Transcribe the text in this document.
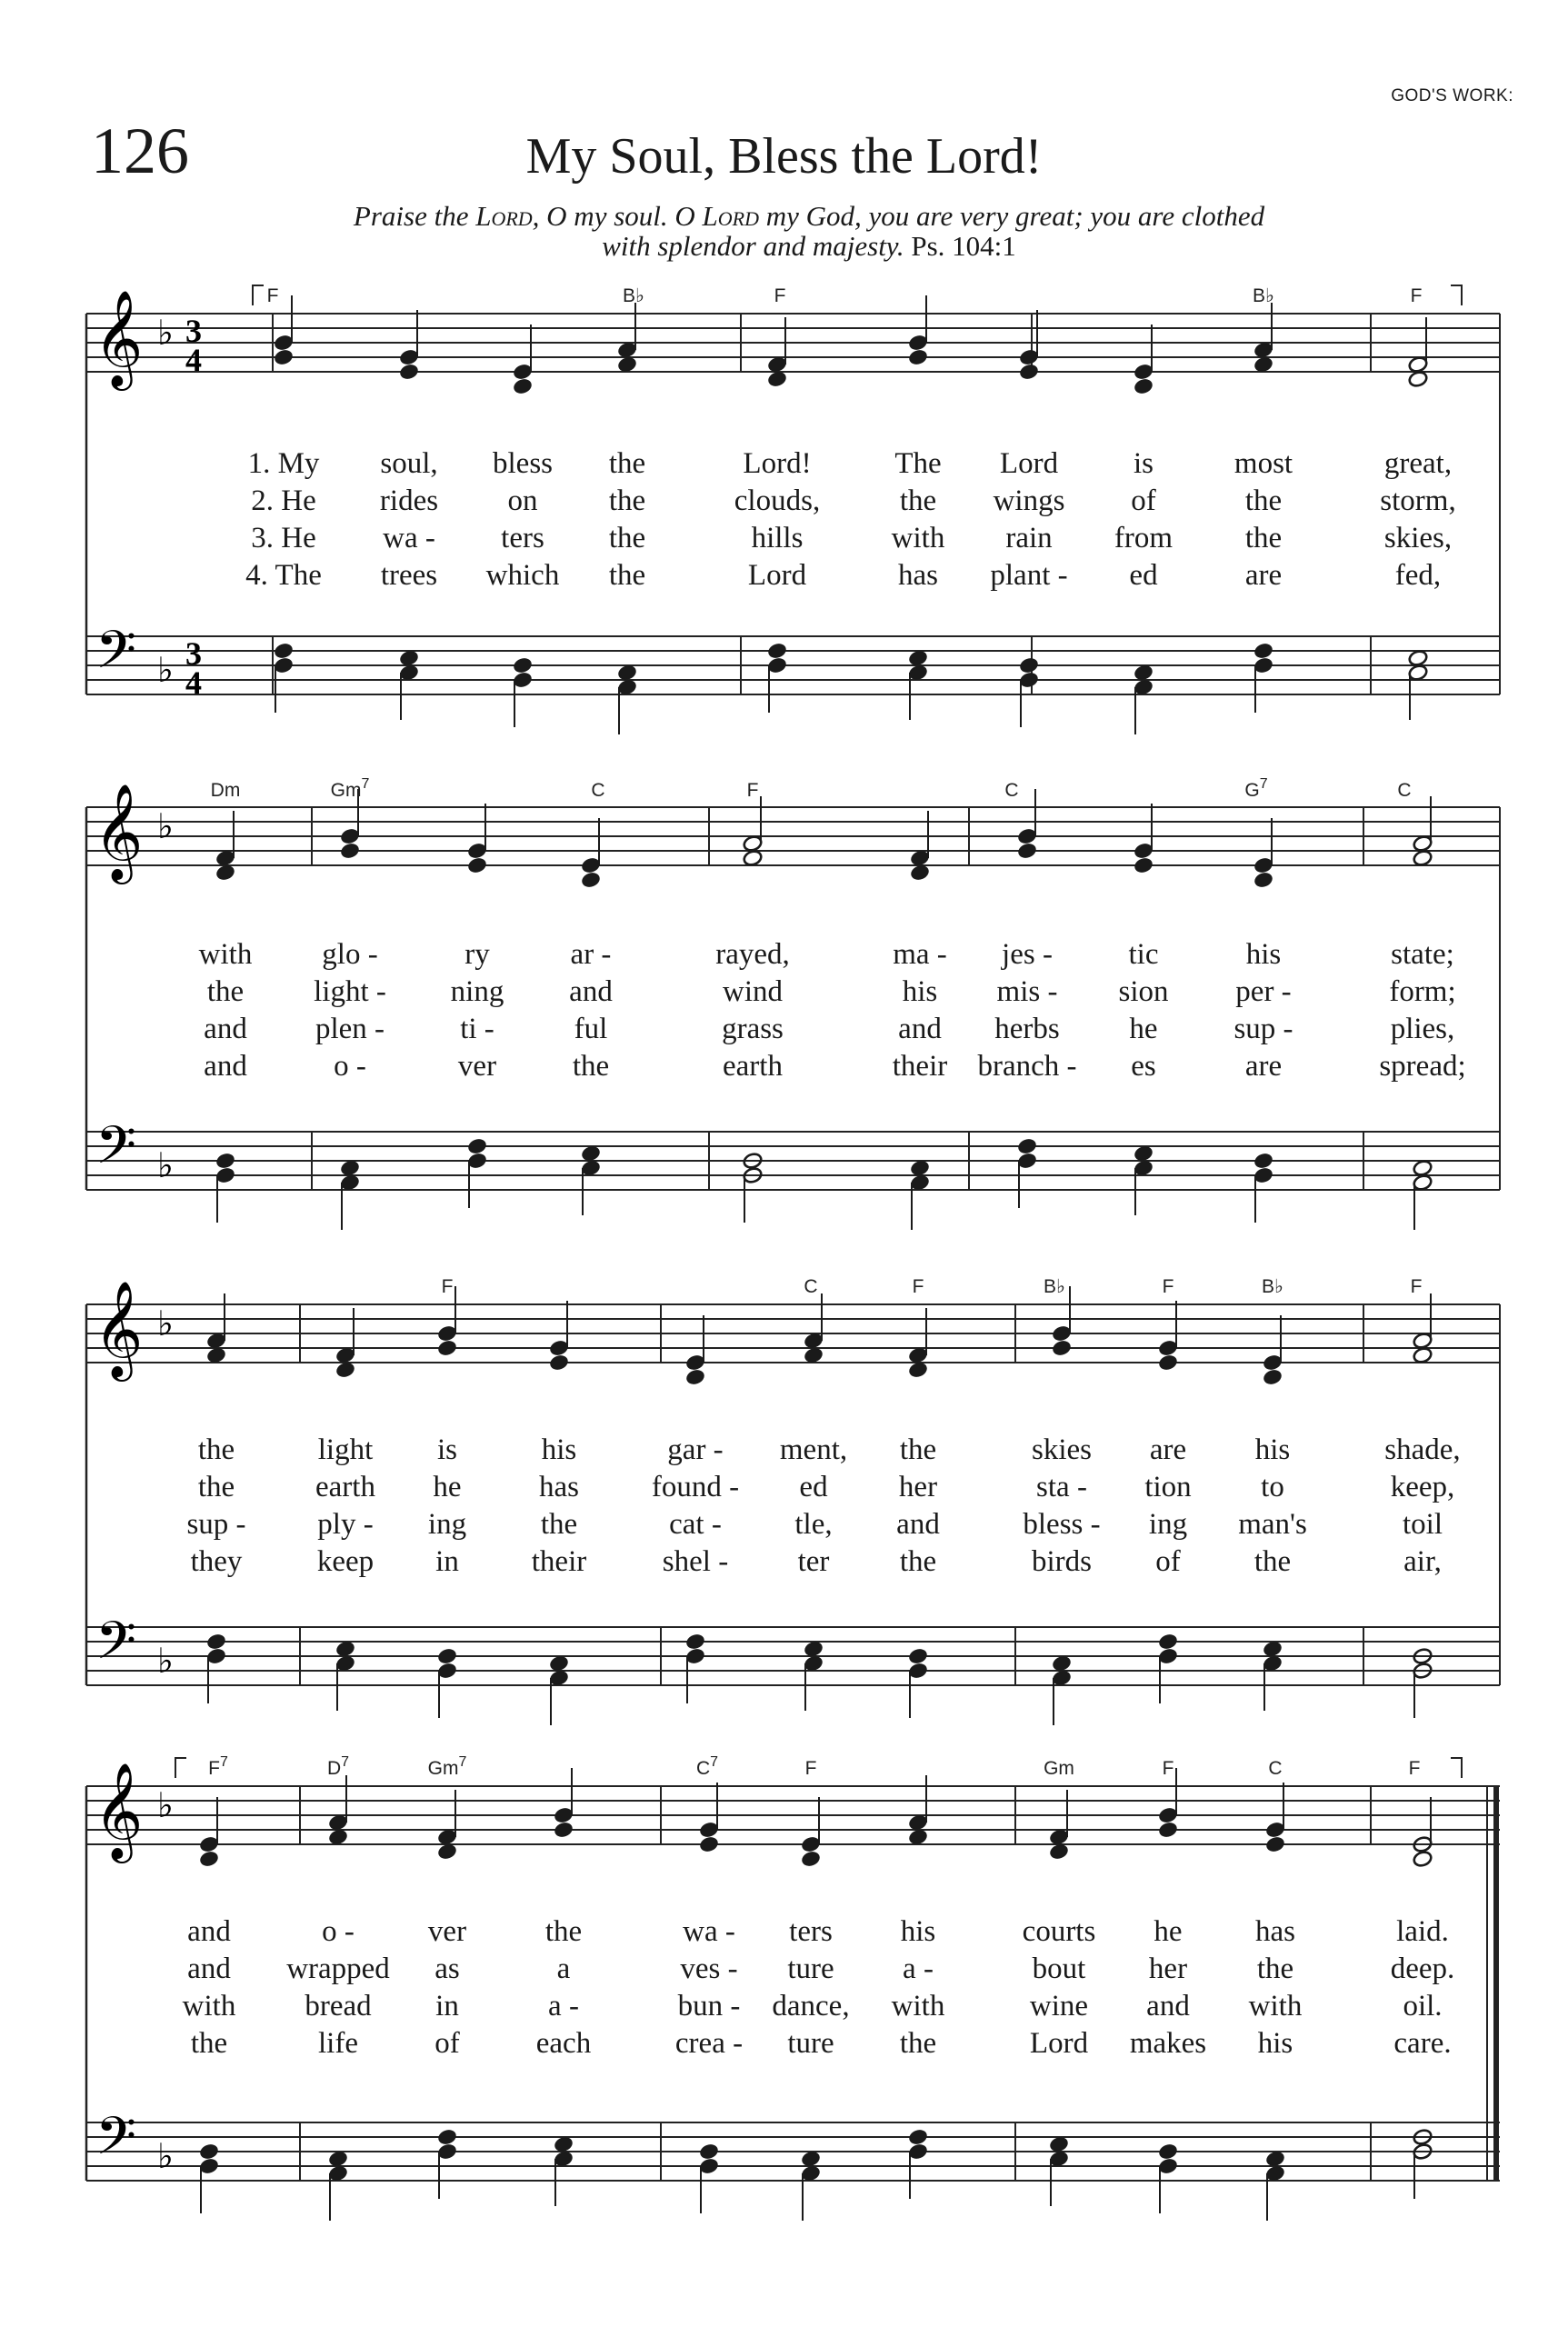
GOD'S WORK:
126	My Soul, Bless the Lord!
Praise the Lord, O my soul. O Lord my God, you are very great; you are clothed
with splendor and majesty. Ps. 104:1
𝄞 ♭ 3
4
𝄢 ♭ 3
4
F	B♭	F	B♭	F
1. My soul, bless the	Lord!	The Lord	is	most	great,
2. He rides on the	clouds,	the wings of	the	storm,
3. He wa - ters the	hills	with rain from the	skies,
4. The trees which the	Lord	has plant - ed	are	fed,
𝄞 ♭
𝄢 ♭
Dm	Gm$^7$	C	F	C	$G^7$	C
with glo -	ry	ar -	rayed,	ma - jes -	tic	his	state;
the light - ning and	wind	his mis - sion per -	form;
and plen -	ti -	ful	grass	and herbs he	sup -	plies,
and	o -	ver	the	earth	their branch - es	are	spread;
𝄞 ♭
𝄢 ♭
F	C	F	B♭	F	B♭	F
the	light is	his	gar - ment, the	skies are his	shade,
the	earth he	has found - ed her	sta - tion to	keep,
sup - ply - ing the	cat - tle, and	bless - ing man's	toil
they keep in their	shel - ter the	birds of the	air,
𝄞 ♭
𝄢 ♭
$F^7$	$D^7$	Gm$^7$	$C^7$	F	Gm	F	C	F
and	o - ver	the	wa - ters his	courts he has	laid.
and wrapped as	a	ves - ture a -	bout her the	deep.
with bread in	a -	bun - dance, with	wine and with	oil.
the	life	of	each	crea - ture the	Lord makes his	care.
